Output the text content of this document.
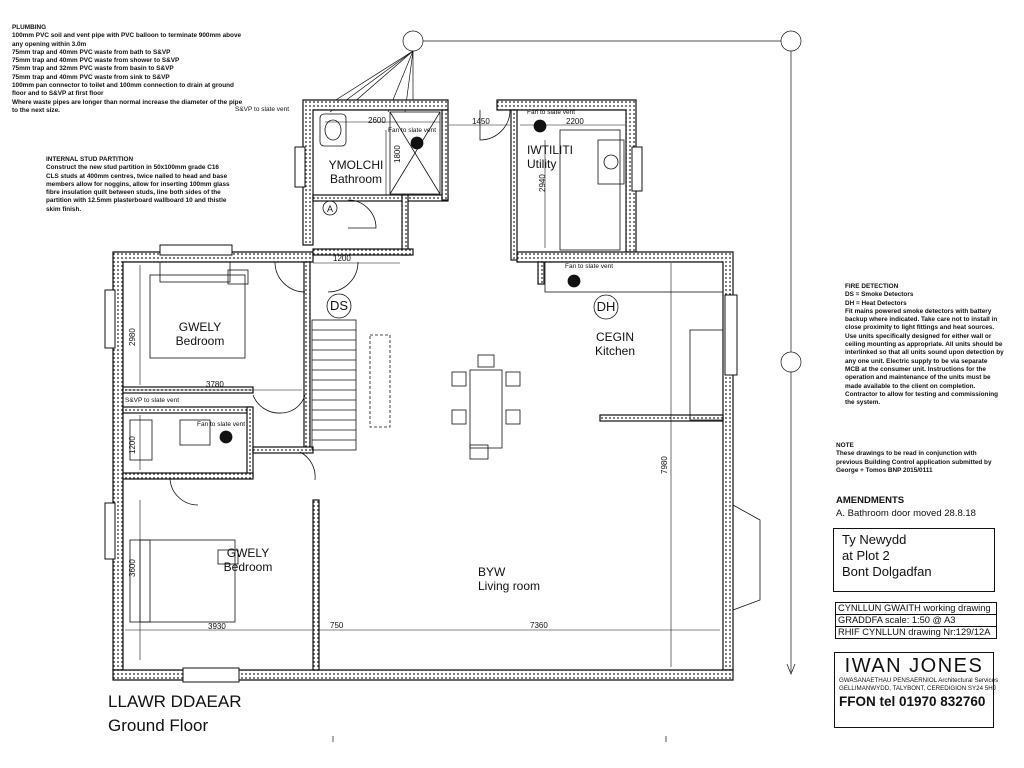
PLUMBING
100mm PVC soil and vent pipe with PVC balloon to terminate 900mm above
any opening within 3.0m
75mm trap and 40mm PVC waste from bath to S&VP
75mm trap and 40mm PVC waste from shower to S&VP
75mm trap and 32mm PVC waste from basin to S&VP
75mm trap and 40mm PVC waste from sink to S&VP
100mm pan connector to toilet and 100mm connection to drain at ground
floor and to S&VP at first floor
Where waste pipes are longer than normal increase the diameter of the pipe
to the next size.
INTERNAL STUD PARTITION
Construct the new stud partition in 50x100mm grade C16
CLS studs at 400mm centres, twice nailed to head and base
members allow for noggins, allow for inserting 100mm glass
fibre insulation quilt between studs, line both sides of the
partition with 12.5mm plasterboard wallboard 10 and thistle
skim finish.
FIRE DETECTION
DS = Smoke Detectors
DH = Heat Detectors
Fit mains powered smoke detectors with battery
backup where indicated. Take care not to install in
close proximity to light fittings and heat sources.
Use units specifically designed for either wall or
ceiling mounting as appropriate. All units should be
interlinked so that all units sound upon detection by
any one unit. Electric supply to be via separate
MCB at the consumer unit. Instructions for the
operation and maintenance of the units must be
made available to the client on completion.
Contractor to allow for testing and commissioning
the system.
NOTE
These drawings to be read in conjunction with
previous Building Control application submitted by
George + Tomos BNP 2015/0111
AMENDMENTS
A. Bathroom door moved 28.8.18
Ty Newydd
at Plot 2
Bont Dolgadfan
CYNLLUN GWAITH working drawing
GRADDFA scale: 1:50 @ A3
RHIF CYNLLUN drawing Nr:129/12A
IWAN JONES
GWASANAETHAU PENSAERNIOL Architectural Services
GELLIMANWYDD, TALYBONT, CEREDIGION SY24 5HJ
FFON tel 01970 832760
LLAWR DDAEAR
Ground Floor
YMOLCHI
Bathroom
IWTILITI
Utility
CEGIN
Kitchen
GWELY
Bedroom
GWELY
Bedroom	BYW
Living room
S&VP to slate vent
S&VP to slate vent
Fan to slate vent
Fan to slate vent
Fan to slate vent
Fan to slate vent
DS	DH
A
2600	1450	2200
1800
2940
1200
2980
3780
1200
3600
3930	750	7360
7980
